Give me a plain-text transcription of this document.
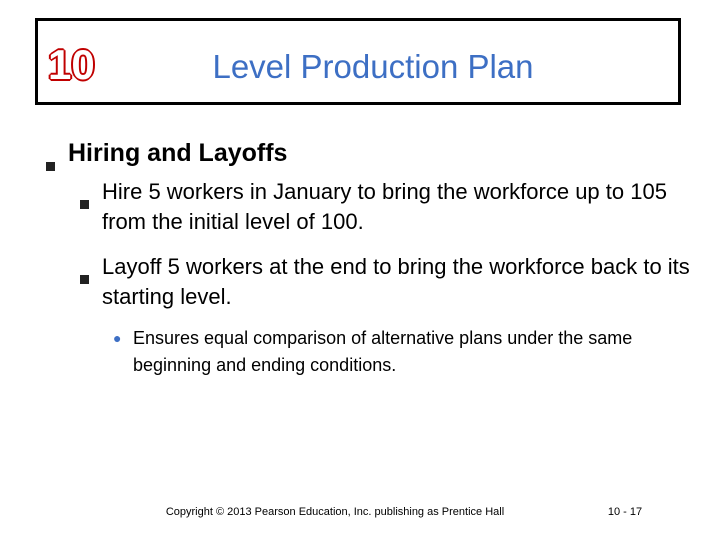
10	Level Production Plan
Hiring and Layoffs
Hire 5 workers in January to bring the workforce up to 105 from the initial level of 100.
Layoff 5 workers at the end to bring the workforce back to its starting level.
● Ensures equal comparison of alternative plans under the same beginning and ending conditions.
Copyright © 2013 Pearson Education, Inc. publishing as Prentice Hall	10 - 17
